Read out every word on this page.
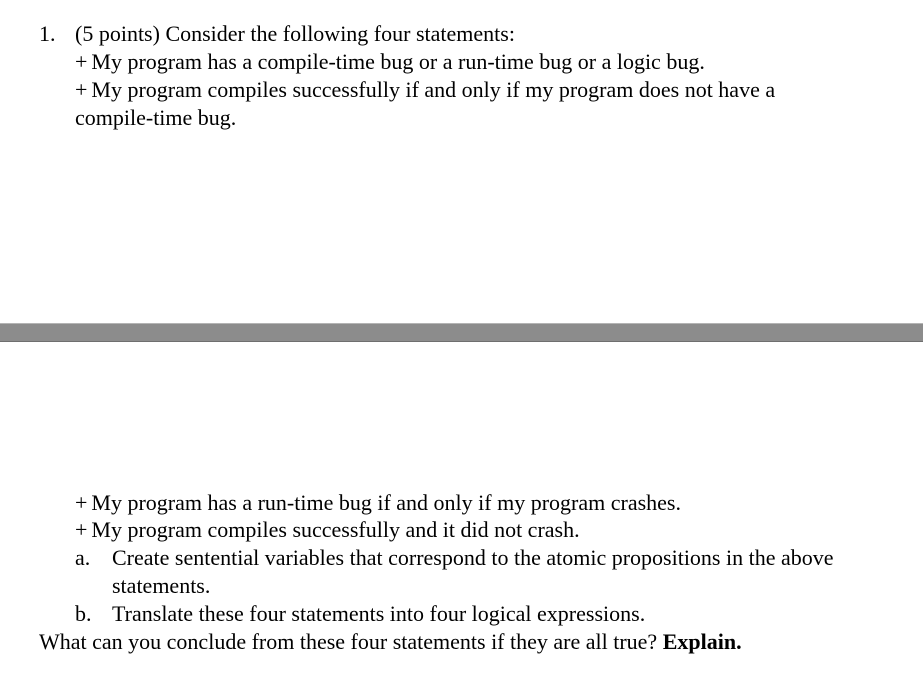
1. (5 points) Consider the following four statements:
+ My program has a compile-time bug or a run-time bug or a logic bug.
+ My program compiles successfully if and only if my program does not have a
compile-time bug.
+ My program has a run-time bug if and only if my program crashes.
+ My program compiles successfully and it did not crash.
a. Create sentential variables that correspond to the atomic propositions in the above
statements.
b. Translate these four statements into four logical expressions.
What can you conclude from these four statements if they are all true? Explain.
